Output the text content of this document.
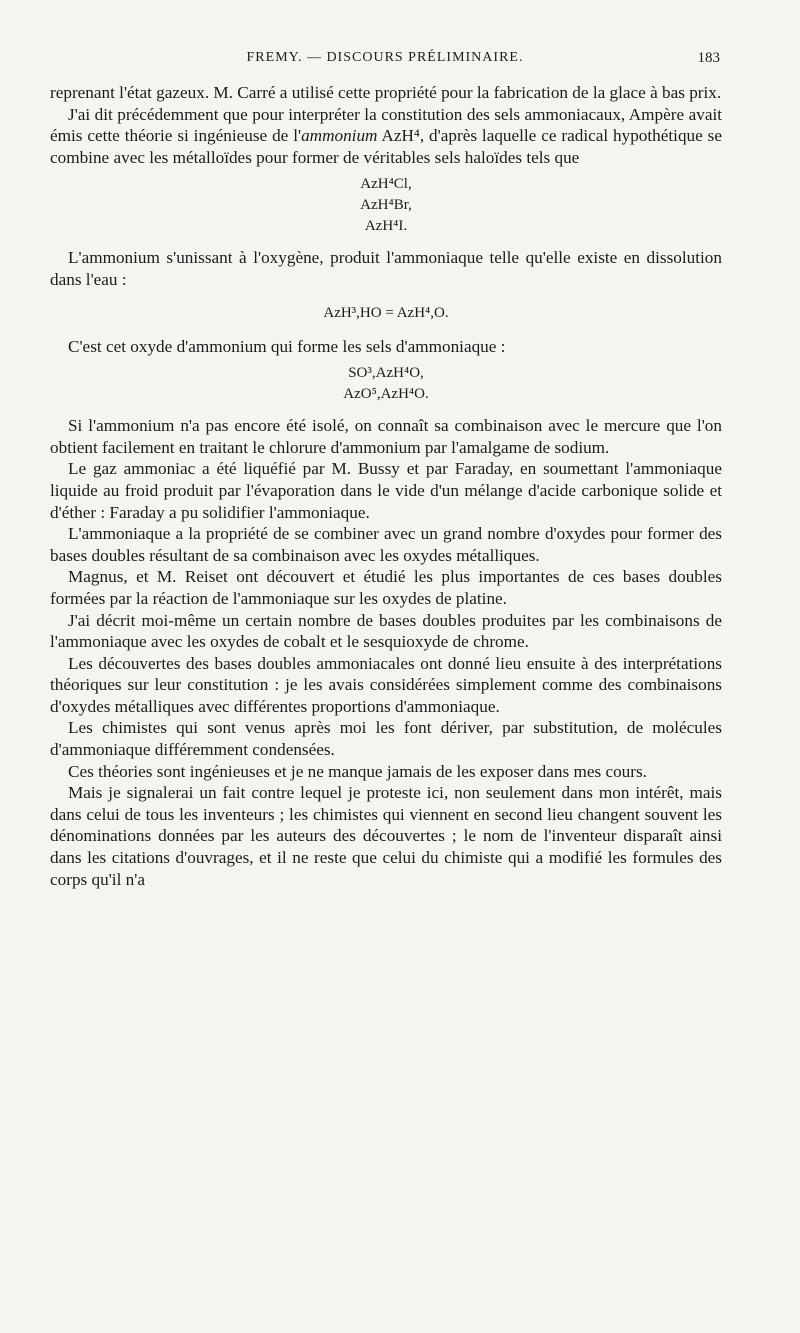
FREMY. — DISCOURS PRÉLIMINAIRE.	183

reprenant l'état gazeux. M. Carré a utilisé cette propriété pour la fabrication de la glace à bas prix.

J'ai dit précédemment que pour interpréter la constitution des sels ammoniacaux, Ampère avait émis cette théorie si ingénieuse de l'ammonium AzH⁴, d'après laquelle ce radical hypothétique se combine avec les métalloïdes pour former de véritables sels haloïdes tels que

AzH⁴Cl,
AzH⁴Br,
AzH⁴I.

L'ammonium s'unissant à l'oxygène, produit l'ammoniaque telle qu'elle existe en dissolution dans l'eau :

AzH³,HO = AzH⁴,O.

C'est cet oxyde d'ammonium qui forme les sels d'ammoniaque :

SO³,AzH⁴O,
AzO⁵,AzH⁴O.

Si l'ammonium n'a pas encore été isolé, on connaît sa combinaison avec le mercure que l'on obtient facilement en traitant le chlorure d'ammonium par l'amalgame de sodium.

Le gaz ammoniac a été liquéfié par M. Bussy et par Faraday, en soumettant l'ammoniaque liquide au froid produit par l'évaporation dans le vide d'un mélange d'acide carbonique solide et d'éther : Faraday a pu solidifier l'ammoniaque.

L'ammoniaque a la propriété de se combiner avec un grand nombre d'oxydes pour former des bases doubles résultant de sa combinaison avec les oxydes métalliques.

Magnus, et M. Reiset ont découvert et étudié les plus importantes de ces bases doubles formées par la réaction de l'ammoniaque sur les oxydes de platine.

J'ai décrit moi-même un certain nombre de bases doubles produites par les combinaisons de l'ammoniaque avec les oxydes de cobalt et le sesquioxyde de chrome.

Les découvertes des bases doubles ammoniacales ont donné lieu ensuite à des interprétations théoriques sur leur constitution : je les avais considérées simplement comme des combinaisons d'oxydes métalliques avec différentes proportions d'ammoniaque.

Les chimistes qui sont venus après moi les font dériver, par substitution, de molécules d'ammoniaque différemment condensées.

Ces théories sont ingénieuses et je ne manque jamais de les exposer dans mes cours.

Mais je signalerai un fait contre lequel je proteste ici, non seulement dans mon intérêt, mais dans celui de tous les inventeurs ; les chimistes qui viennent en second lieu changent souvent les dénominations données par les auteurs des découvertes ; le nom de l'inventeur disparaît ainsi dans les citations d'ouvrages, et il ne reste que celui du chimiste qui a modifié les formules des corps qu'il n'a
